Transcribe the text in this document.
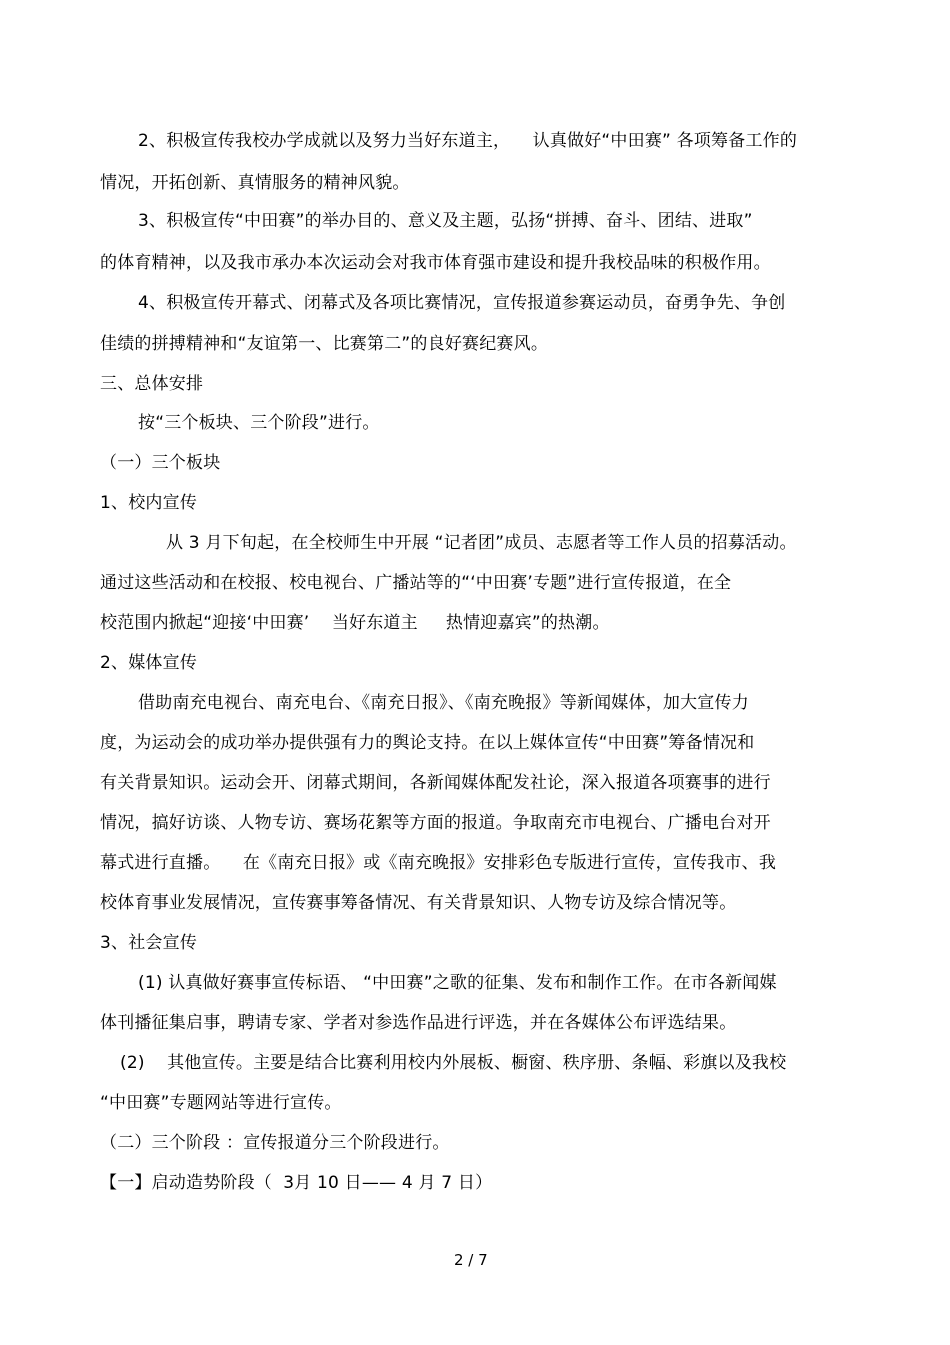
2、积极宣传我校办学成就以及努力当好东道主，    认真做好“中田赛” 各项筹备工作的
情况，开拓创新、真情服务的精神风貌。
3、积极宣传“中田赛”的举办目的、意义及主题，弘扬“拼搏、奋斗、团结、进取”
的体育精神，以及我市承办本次运动会对我市体育强市建设和提升我校品味的积极作用。
4、积极宣传开幕式、闭幕式及各项比赛情况，宣传报道参赛运动员，奋勇争先、争创
佳绩的拼搏精神和“友谊第一、比赛第二”的良好赛纪赛风。
三、总体安排
按“三个板块、三个阶段”进行。
（一）三个板块
1、校内宣传
从 3 月下旬起，在全校师生中开展 “记者团”成员、志愿者等工作人员的招募活动。
通过这些活动和在校报、校电视台、广播站等的“‘中田赛’专题”进行宣传报道，在全
校范围内掀起“迎接‘中田赛’    当好东道主     热情迎嘉宾”的热潮。
2、媒体宣传
借助南充电视台、南充电台、《南充日报》、《南充晚报》等新闻媒体，加大宣传力
度，为运动会的成功举办提供强有力的舆论支持。在以上媒体宣传“中田赛”筹备情况和
有关背景知识。运动会开、闭幕式期间，各新闻媒体配发社论，深入报道各项赛事的进行
情况，搞好访谈、人物专访、赛场花絮等方面的报道。争取南充市电视台、广播电台对开
幕式进行直播。    在《南充日报》或《南充晚报》安排彩色专版进行宣传，宣传我市、我
校体育事业发展情况，宣传赛事筹备情况、有关背景知识、人物专访及综合情况等。
3、社会宣传
(1) 认真做好赛事宣传标语、 “中田赛”之歌的征集、发布和制作工作。在市各新闻媒
体刊播征集启事，聘请专家、学者对参选作品进行评选，并在各媒体公布评选结果。
(2)    其他宣传。主要是结合比赛利用校内外展板、橱窗、秩序册、条幅、彩旗以及我校
“中田赛”专题网站等进行宣传。
（二）三个阶段 ：宣传报道分三个阶段进行。
【一】启动造势阶段（  3月 10 日—— 4 月 7 日）
2 / 7
